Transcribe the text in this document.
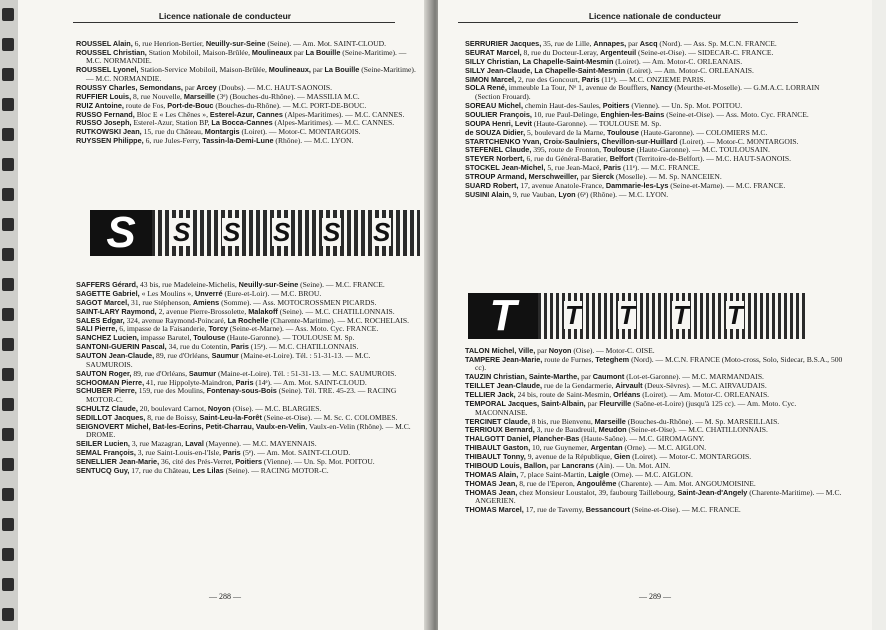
Licence nationale de conducteur
ROUSSEL Alain, 6, rue Henrion-Bertier, Neuilly-sur-Seine (Seine). — Am. Mot. SAINT-CLOUD.
ROUSSEL Christian, Station Mobiloil, Maison-Brûlée, Moulineaux par La Bouille (Seine-Maritime). — M.C. NORMANDIE.
ROUSSEL Lyonel, Station-Service Mobiloil, Maison-Brûlée, Moulineaux, par La Bouille (Seine-Maritime). — M.C. NORMANDIE.
ROUSSY Charles, Semondans, par Arcey (Doubs). — M.C. HAUT-SAONOIS.
RUFFIER Louis, 8, rue Nouvelle, Marseille (3ᵉ) (Bouches-du-Rhône). — MASSILIA M.C.
RUIZ Antoine, route de Fos, Port-de-Bouc (Bouches-du-Rhône). — M.C. PORT-DE-BOUC.
RUSSO Fernand, Bloc E « Les Chênes », Esterel-Azur, Cannes (Alpes-Maritimes). — M.C. CANNES.
RUSSO Joseph, Esterel-Azur, Station BP, La Bocca-Cannes (Alpes-Maritimes). — M.C. CANNES.
RUTKOWSKI Jean, 15, rue du Château, Montargis (Loiret). — Motor-C. MONTARGOIS.
RUYSSEN Philippe, 6, rue Jules-Ferry, Tassin-la-Demi-Lune (Rhône). — M.C. LYON.
S	S S S S S
SAFFERS Gérard, 43 bis, rue Madeleine-Michelis, Neuilly-sur-Seine (Seine). — M.C. FRANCE.
SAGETTE Gabriel, « Les Moulins », Unverré (Eure-et-Loir). — M.C. BROU.
SAGOT Marcel, 31, rue Stéphenson, Amiens (Somme). — Ass. MOTOCROSSMEN PICARDS.
SAINT-LARY Raymond, 2, avenue Pierre-Brossolette, Malakoff (Seine). — M.C. CHATILLONNAIS.
SALES Edgar, 324, avenue Raymond-Poincaré, La Rochelle (Charente-Maritime). — M.C. ROCHELAIS.
SALI Pierre, 6, impasse de la Faisanderie, Torcy (Seine-et-Marne). — Ass. Moto. Cyc. FRANCE.
SANCHEZ Lucien, impasse Barutel, Toulouse (Haute-Garonne). — TOULOUSE M. Sp.
SANTONI-GUERIN Pascal, 34, rue du Cotentin, Paris (15ᵉ). — M.C. CHATILLONNAIS.
SAUTON Jean-Claude, 89, rue d'Orléans, Saumur (Maine-et-Loire). Tél. : 51-31-13. — M.C. SAUMUROIS.
SAUTON Roger, 89, rue d'Orléans, Saumur (Maine-et-Loire). Tél. : 51-31-13. — M.C. SAUMUROIS.
SCHOOMAN Pierre, 41, rue Hippolyte-Maindron, Paris (14ᵉ). — Am. Mot. SAINT-CLOUD.
SCHUBER Pierre, 159, rue des Moulins, Fontenay-sous-Bois (Seine). Tél. TRE. 45-23. — RACING MOTOR-C.
SCHULTZ Claude, 20, boulevard Carnot, Noyon (Oise). — M.C. BLARGIES.
SEDILLOT Jacques, 8, rue de Boissy, Saint-Leu-la-Forêt (Seine-et-Oise). — M. Sc. C. COLOMBES.
SEIGNOVERT Michel, Bat-les-Ecrins, Petit-Charrau, Vaulx-en-Velin, Vaulx-en-Velin (Rhône). — M.C. DROME.
SEILER Lucien, 3, rue Mazagran, Laval (Mayenne). — M.C. MAYENNAIS.
SEMAL François, 3, rue Saint-Louis-en-l'Isle, Paris (5ᵉ). — Am. Mot. SAINT-CLOUD.
SENELLIER Jean-Marie, 36, cité des Prés-Verret, Poitiers (Vienne). — Un. Sp. Mot. POITOU.
SENTUCQ Guy, 17, rue du Château, Les Lilas (Seine). — RACING MOTOR-C.
— 288 —
Licence nationale de conducteur
SERRURIER Jacques, 35, rue de Lille, Annapes, par Ascq (Nord). — Ass. Sp. M.C.N. FRANCE.
SEURAT Marcel, 8, rue du Docteur-Leray, Argenteuil (Seine-et-Oise). — SIDECAR-C. FRANCE.
SILLY Christian, La Chapelle-Saint-Mesmin (Loiret). — Am. Motor-C. ORLEANAIS.
SILLY Jean-Claude, La Chapelle-Saint-Mesmin (Loiret). — Am. Motor-C. ORLEANAIS.
SIMON Marcel, 2, rue des Goncourt, Paris (11ᵉ). — M.C. ONZIEME PARIS.
SOLA René, immeuble La Tour, Nᵒ 1, avenue de Boufflers, Nancy (Meurthe-et-Moselle). — G.M.A.C. LORRAIN (Section Frouard).
SOREAU Michel, chemin Haut-des-Saules, Poitiers (Vienne). — Un. Sp. Mot. POITOU.
SOULIER François, 10, rue Paul-Delinge, Enghien-les-Bains (Seine-et-Oise). — Ass. Moto. Cyc. FRANCE.
SOUPA Henri, Levit (Haute-Garonne). — TOULOUSE M. Sp.
de SOUZA Didier, 5, boulevard de la Marne, Toulouse (Haute-Garonne). — COLOMIERS M.C.
STARTCHENKO Yvan, Croix-Saulniers, Chevillon-sur-Huillard (Loiret). — Motor-C. MONTARGOIS.
STEFENEL Claude, 395, route de Fronton, Toulouse (Haute-Garonne). — M.C. TOULOUSAIN.
STEYER Norbert, 6, rue du Général-Baratier, Belfort (Territoire-de-Belfort). — M.C. HAUT-SAONOIS.
STOCKEL Jean-Michel, 5, rue Jean-Macé, Paris (11ᵉ). — M.C. FRANCE.
STROUP Armand, Merschweiller, par Sierck (Moselle). — M. Sp. NANCEIEN.
SUARD Robert, 17, avenue Anatole-France, Dammarie-les-Lys (Seine-et-Marne). — M.C. FRANCE.
SUSINI Alain, 9, rue Vauban, Lyon (6ᵉ) (Rhône). — M.C. LYON.
T	T T T T
TALON Michel, Ville, par Noyon (Oise). — Motor-C. OISE.
TAMPERE Jean-Marie, route de Furnes, Teteghem (Nord). — M.C.N. FRANCE (Moto-cross, Solo, Sidecar, B.S.A., 500 cc).
TAUZIN Christian, Sainte-Marthe, par Caumont (Lot-et-Garonne). — M.C. MARMANDAIS.
TEILLET Jean-Claude, rue de la Gendarmerie, Airvault (Deux-Sèvres). — M.C. AIRVAUDAIS.
TELLIER Jack, 24 bis, route de Saint-Mesmin, Orléans (Loiret). — Am. Motor-C. ORLEANAIS.
TEMPORAL Jacques, Saint-Albain, par Fleurville (Saône-et-Loire) (jusqu'à 125 cc). — Am. Moto. Cyc. MACONNAISE.
TERCINET Claude, 8 bis, rue Bienvenu, Marseille (Bouches-du-Rhône). — M. Sp. MARSEILLAIS.
TERRIOUX Bernard, 3, rue de Baudreuil, Meudon (Seine-et-Oise). — M.C. CHATILLONNAIS.
THALGOTT Daniel, Plancher-Bas (Haute-Saône). — M.C. GIROMAGNY.
THIBAULT Gaston, 10, rue Guynemer, Argentan (Orne). — M.C. AIGLON.
THIBAULT Tonny, 9, avenue de la République, Gien (Loiret). — Motor-C. MONTARGOIS.
THIBOUD Louis, Ballon, par Lancrans (Ain). — Un. Mot. AIN.
THOMAS Alain, 7, place Saint-Martin, Laigle (Orne). — M.C. AIGLON.
THOMAS Jean, 8, rue de l'Eperon, Angoulême (Charente). — Am. Mot. ANGOUMOISINE.
THOMAS Jean, chez Monsieur Loustalot, 39, faubourg Taillebourg, Saint-Jean-d'Angely (Charente-Maritime). — M.C. ANGERIEN.
THOMAS Marcel, 17, rue de Taverny, Bessancourt (Seine-et-Oise). — M.C. FRANCE.
— 289 —
